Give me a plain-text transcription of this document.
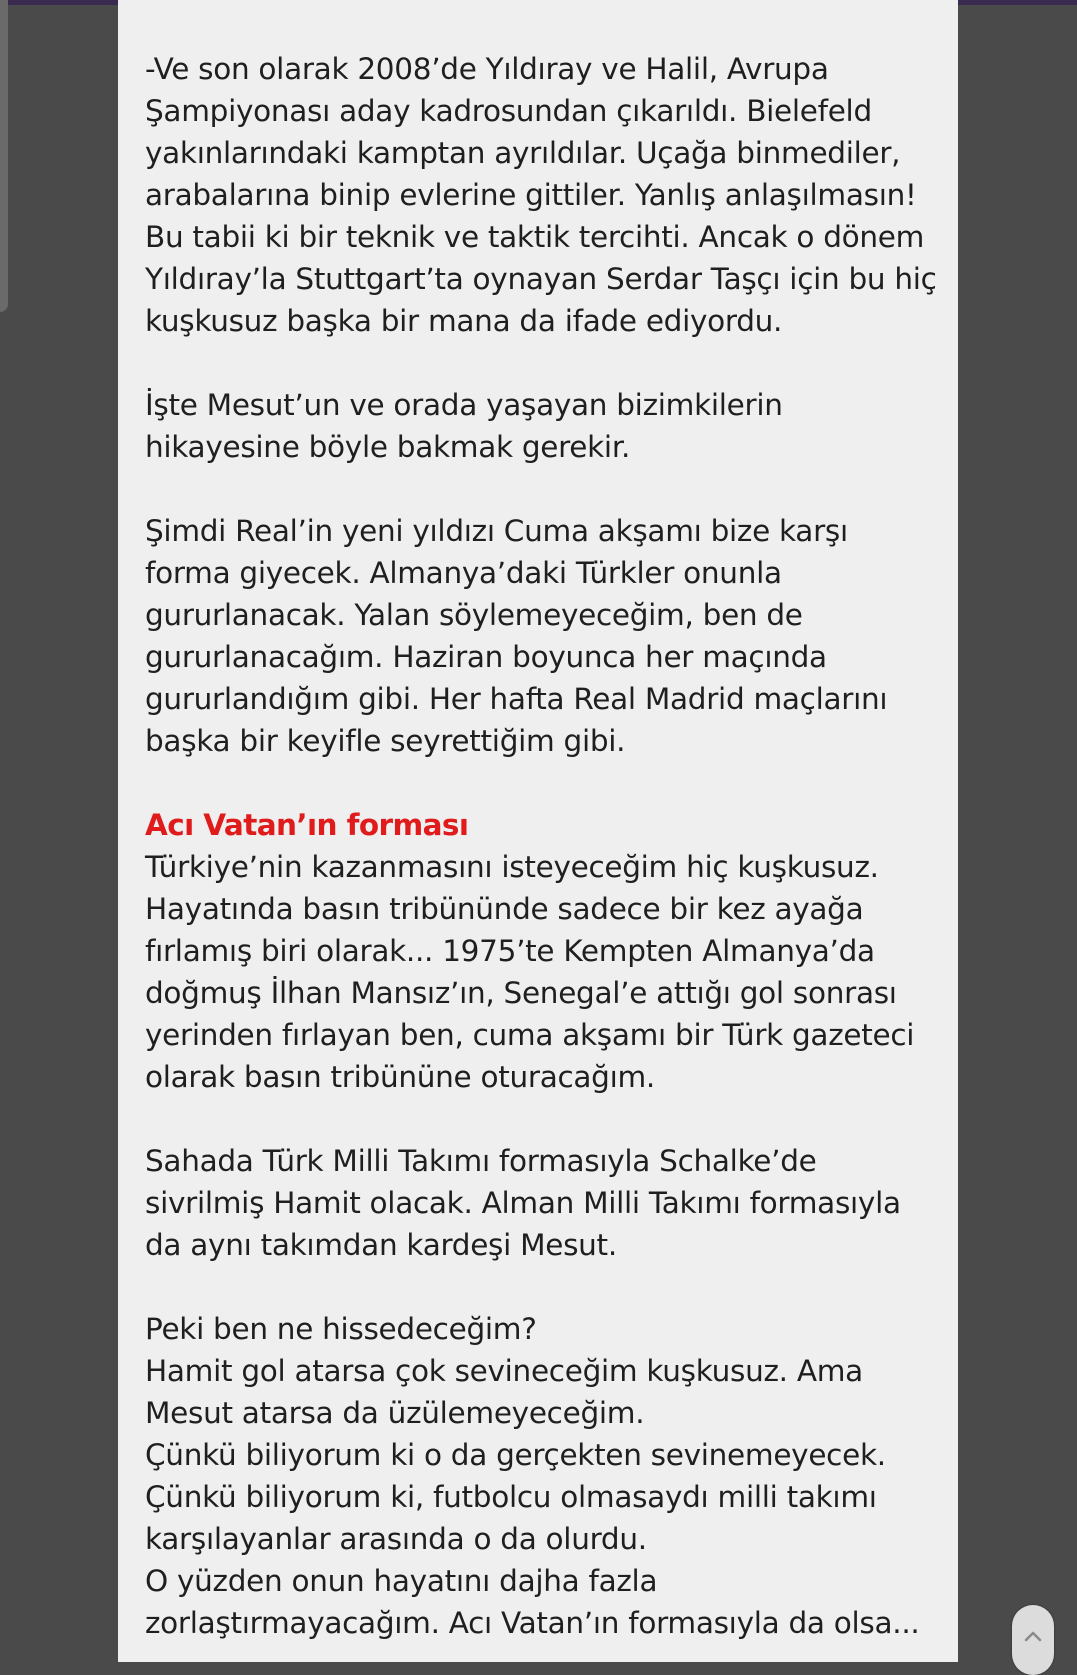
-Ve son olarak 2008’de Yıldıray ve Halil, Avrupa
Şampiyonası aday kadrosundan çıkarıldı. Bielefeld
yakınlarındaki kamptan ayrıldılar. Uçağa binmediler,
arabalarına binip evlerine gittiler. Yanlış anlaşılmasın!
Bu tabii ki bir teknik ve taktik tercihti. Ancak o dönem
Yıldıray’la Stuttgart’ta oynayan Serdar Taşçı için bu hiç
kuşkusuz başka bir mana da ifade ediyordu.

İşte Mesut’un ve orada yaşayan bizimkilerin
hikayesine böyle bakmak gerekir.

Şimdi Real’in yeni yıldızı Cuma akşamı bize karşı
forma giyecek. Almanya’daki Türkler onunla
gururlanacak. Yalan söylemeyeceğim, ben de
gururlanacağım. Haziran boyunca her maçında
gururlandığım gibi. Her hafta Real Madrid maçlarını
başka bir keyifle seyrettiğim gibi.

Acı Vatan’ın forması

Türkiye’nin kazanmasını isteyeceğim hiç kuşkusuz.
Hayatında basın tribününde sadece bir kez ayağa
fırlamış biri olarak... 1975’te Kempten Almanya’da
doğmuş İlhan Mansız’ın, Senegal’e attığı gol sonrası
yerinden fırlayan ben, cuma akşamı bir Türk gazeteci
olarak basın tribününe oturacağım.

Sahada Türk Milli Takımı formasıyla Schalke’de
sivrilmiş Hamit olacak. Alman Milli Takımı formasıyla
da aynı takımdan kardeşi Mesut.

Peki ben ne hissedeceğim?
Hamit gol atarsa çok sevineceğim kuşkusuz. Ama
Mesut atarsa da üzülemeyeceğim.
Çünkü biliyorum ki o da gerçekten sevinemeyecek.
Çünkü biliyorum ki, futbolcu olmasaydı milli takımı
karşılayanlar arasında o da olurdu.
O yüzden onun hayatını dajha fazla
zorlaştırmayacağım. Acı Vatan’ın formasıyla da olsa...
